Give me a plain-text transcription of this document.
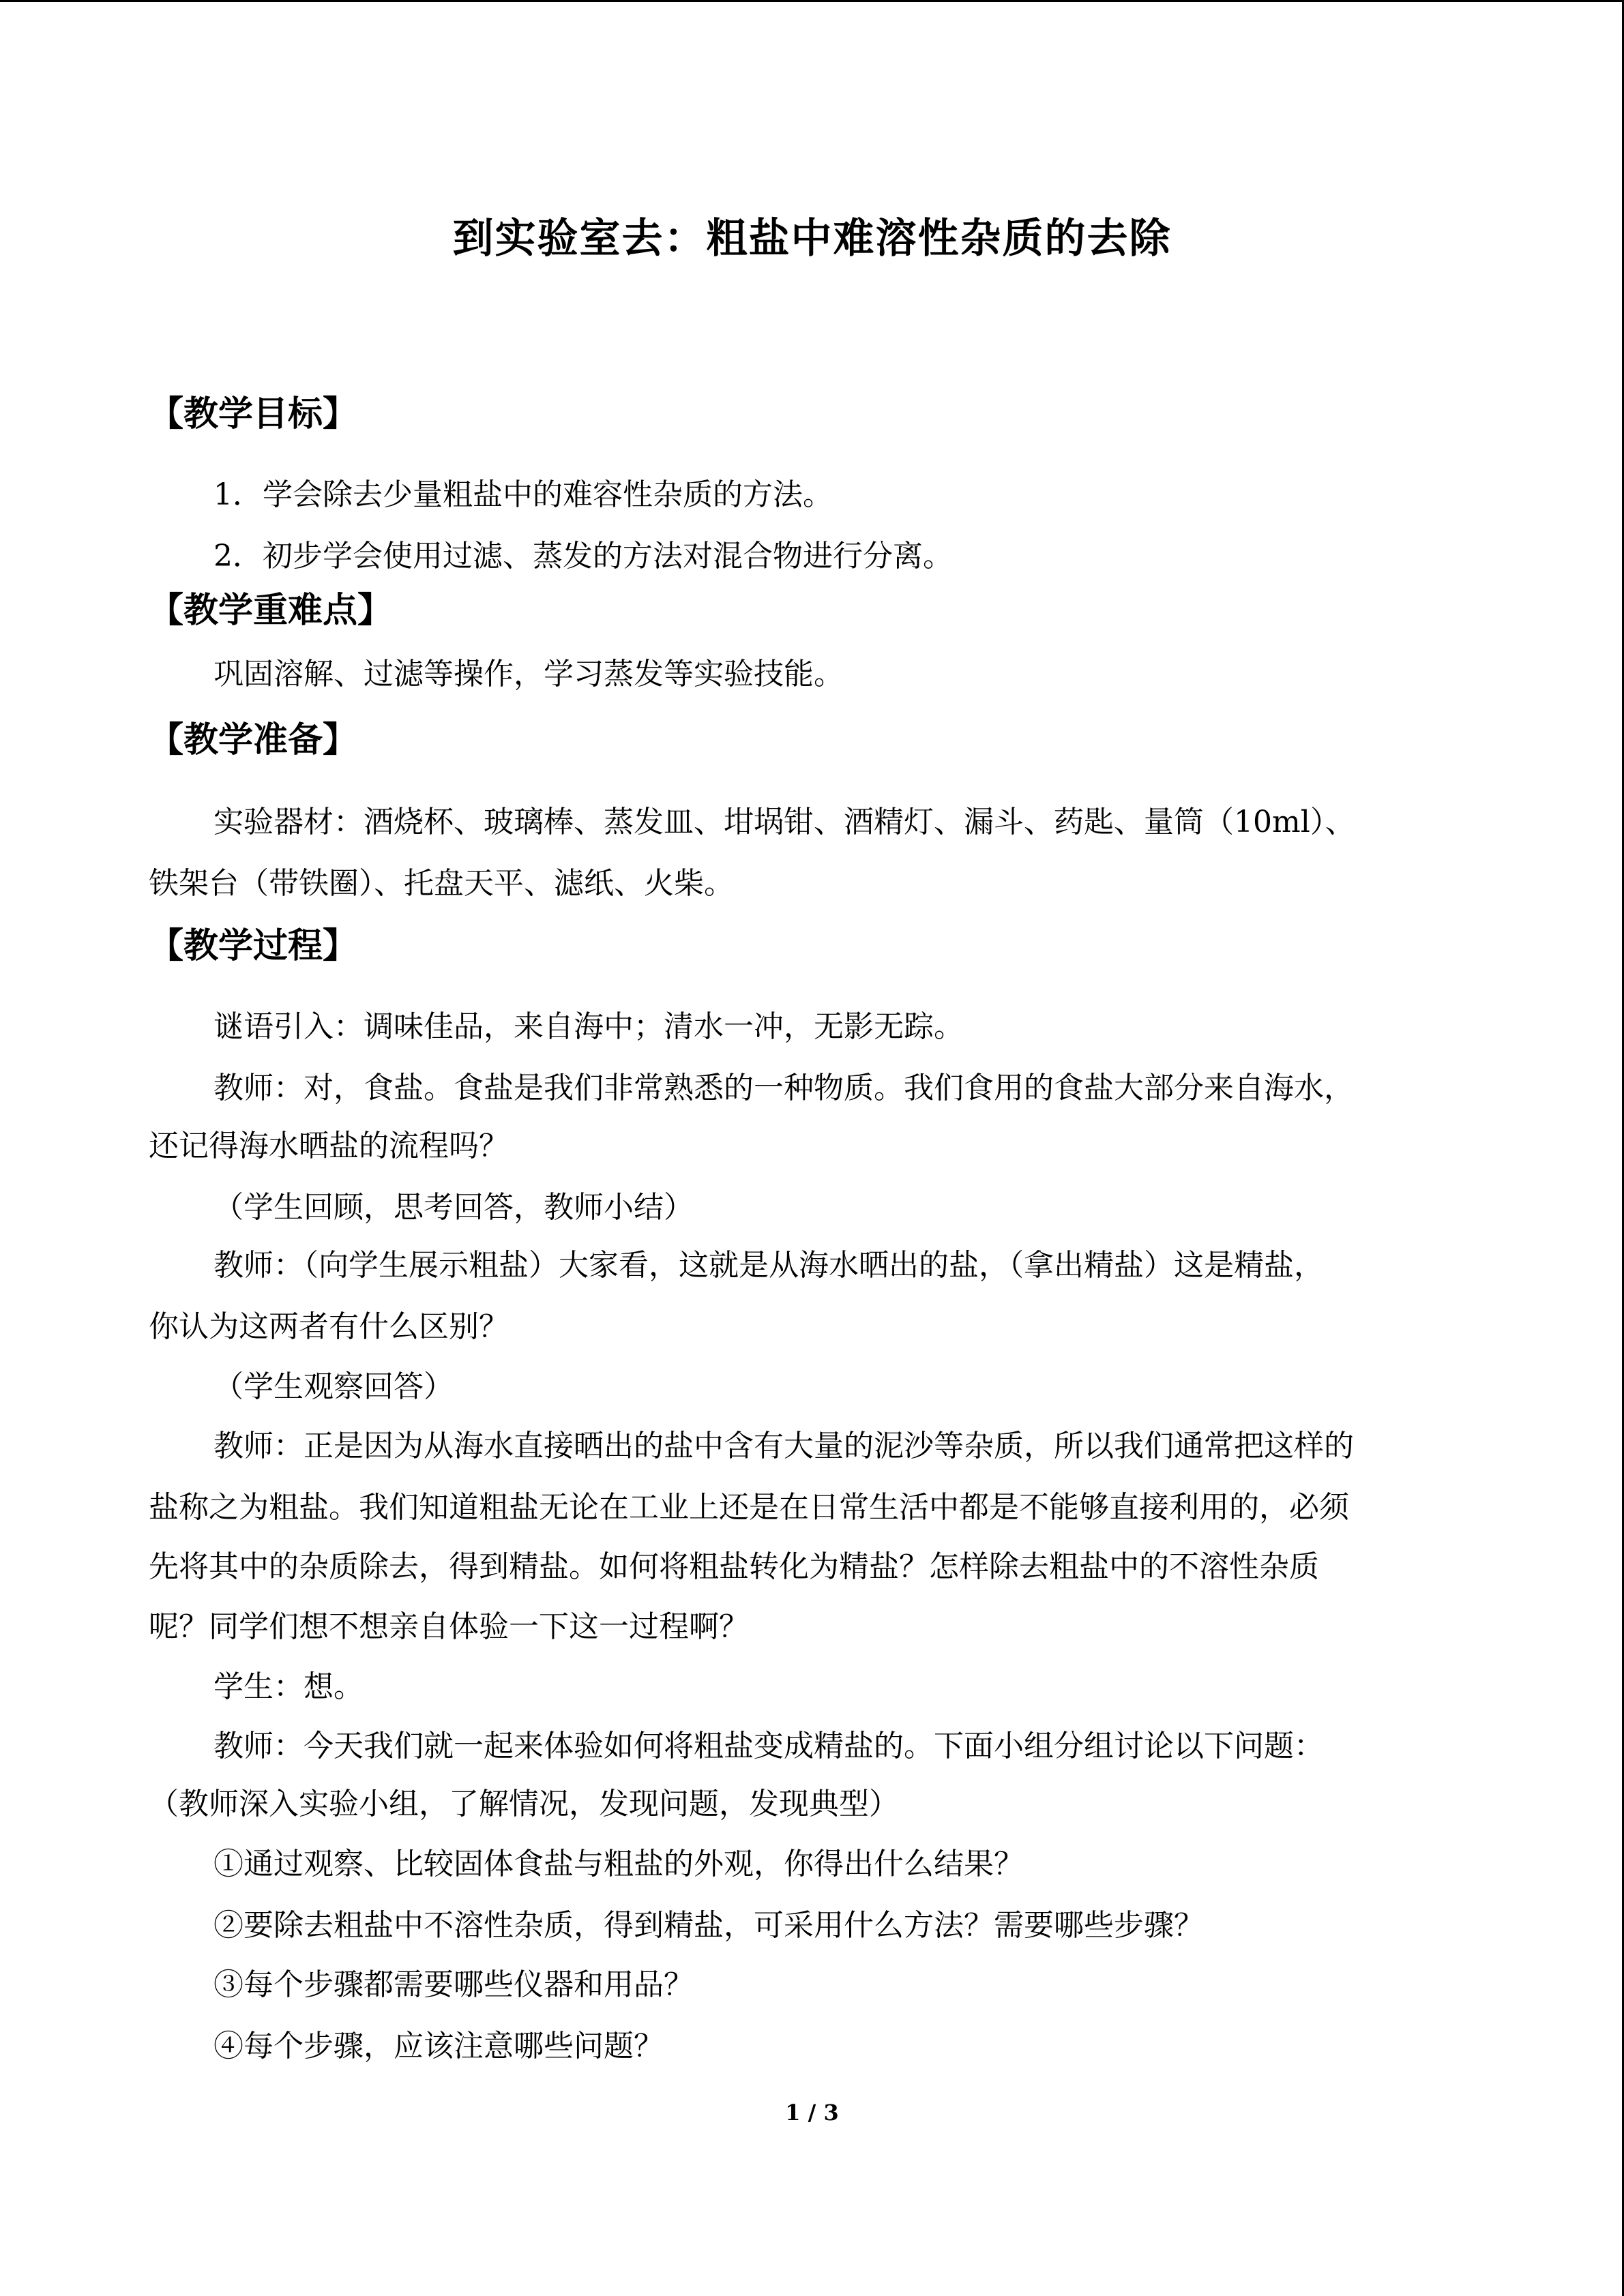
到实验室去：粗盐中难溶性杂质的去除
【教学目标】
1．学会除去少量粗盐中的难容性杂质的方法。
2．初步学会使用过滤、蒸发的方法对混合物进行分离。
【教学重难点】
巩固溶解、过滤等操作，学习蒸发等实验技能。
【教学准备】
实验器材：酒烧杯、玻璃棒、蒸发皿、坩埚钳、酒精灯、漏斗、药匙、量筒（10ml）、
铁架台（带铁圈）、托盘天平、滤纸、火柴。
【教学过程】
谜语引入：调味佳品，来自海中；清水一冲，无影无踪。
教师：对，食盐。食盐是我们非常熟悉的一种物质。我们食用的食盐大部分来自海水，
还记得海水晒盐的流程吗？
（学生回顾，思考回答，教师小结）
教师：（向学生展示粗盐）大家看，这就是从海水晒出的盐，（拿出精盐）这是精盐，
你认为这两者有什么区别？
（学生观察回答）
教师：正是因为从海水直接晒出的盐中含有大量的泥沙等杂质，所以我们通常把这样的
盐称之为粗盐。我们知道粗盐无论在工业上还是在日常生活中都是不能够直接利用的，必须
先将其中的杂质除去，得到精盐。如何将粗盐转化为精盐？怎样除去粗盐中的不溶性杂质
呢？同学们想不想亲自体验一下这一过程啊？
学生：想。
教师：今天我们就一起来体验如何将粗盐变成精盐的。下面小组分组讨论以下问题：
（教师深入实验小组，了解情况，发现问题，发现典型）
①通过观察、比较固体食盐与粗盐的外观，你得出什么结果？
②要除去粗盐中不溶性杂质，得到精盐，可采用什么方法？需要哪些步骤？
③每个步骤都需要哪些仪器和用品？
④每个步骤，应该注意哪些问题？
1 / 3
